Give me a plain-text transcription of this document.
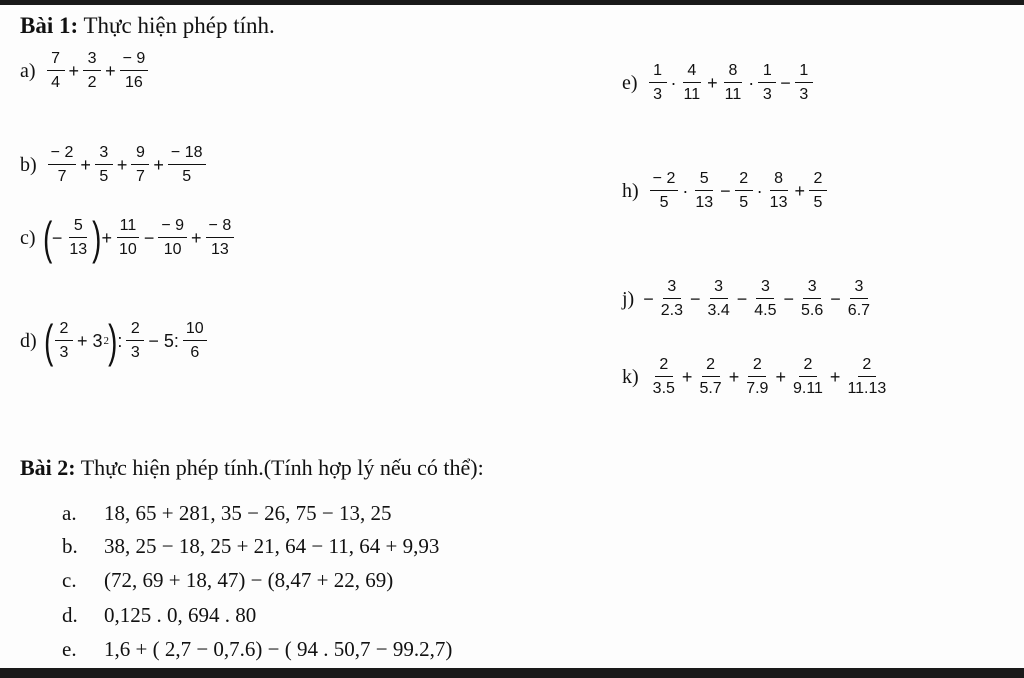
Bài 1: Thực hiện phép tính.
$a) \frac{7}{4} + \frac{3}{2} + \frac{- 9}{16}$
$b) \frac{- 2}{7} + \frac{3}{5} + \frac{9}{7} + \frac{- 18}{5}$
c) ( − $\frac{5}{13}$ ) + $\frac{11}{10} - \frac{- 9}{10} + \frac{- 8}{13}$
d) ( $\frac{2}{3} + 3$ 2 ) : $\frac{2}{3} - 5$: $\frac{10}{6}$
$e) \frac{1}{3} \cdot \frac{4}{11} + \frac{8}{11} \cdot \frac{1}{3} - \frac{1}{3}$
$h) \frac{- 2}{5} \cdot \frac{5}{13} - \frac{2}{5} \cdot \frac{8}{13} + \frac{2}{5}$
$j) - \frac{3}{2.3} - \frac{3}{3.4} - \frac{3}{4.5} - \frac{3}{5.6} - \frac{3}{6.7}$
$k) \frac{2}{3.5} + \frac{2}{5.7} + \frac{2}{7.9} + \frac{2}{9.11} + \frac{2}{11.13}$
Bài 2: Thực hiện phép tính.(Tính hợp lý nếu có thể):
a.	18, 65 + 281, 35 − 26, 75 − 13, 25
b.	38, 25 − 18, 25 + 21, 64 − 11, 64 + 9,93
c.	(72, 69 + 18, 47) − (8,47 + 22, 69)
d.	0,125 . 0, 694 . 80
e.	1,6 + ( 2,7 − 0,7.6) − ( 94 . 50,7 − 99.2,7)
